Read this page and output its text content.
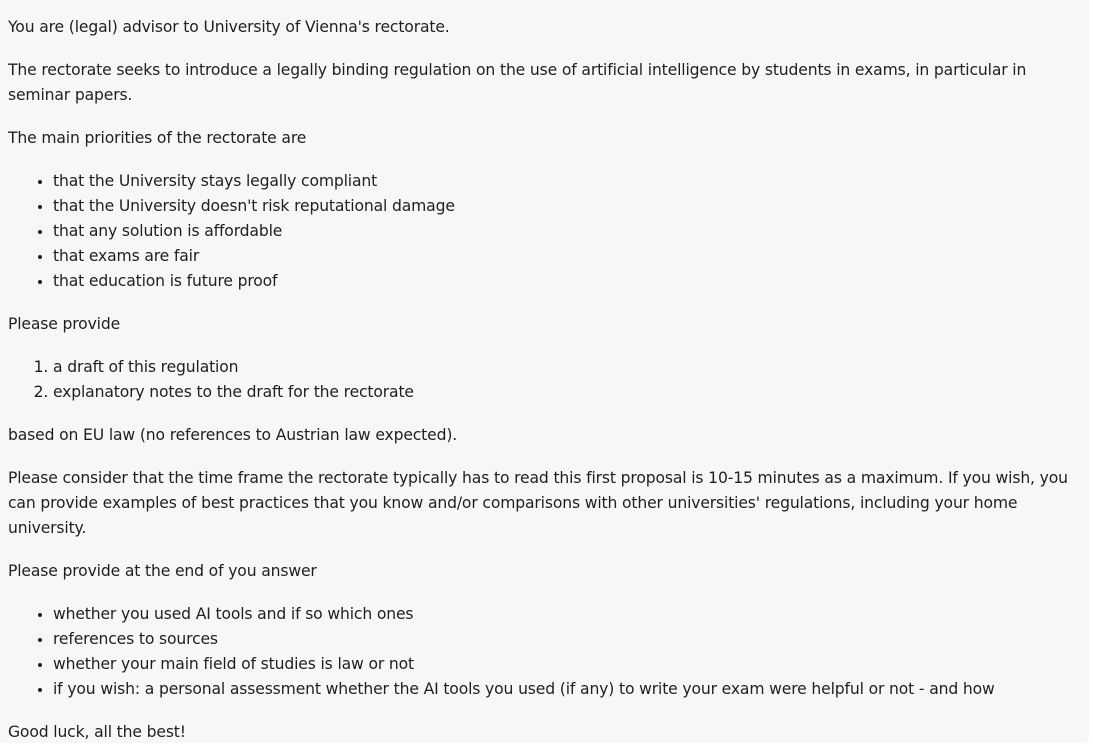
You are (legal) advisor to University of Vienna's rectorate.

The rectorate seeks to introduce a legally binding regulation on the use of artificial intelligence by students in exams, in particular in seminar papers.

The main priorities of the rectorate are

• that the University stays legally compliant
• that the University doesn't risk reputational damage
• that any solution is affordable
• that exams are fair
• that education is future proof

Please provide

1. a draft of this regulation
2. explanatory notes to the draft for the rectorate

based on EU law (no references to Austrian law expected).

Please consider that the time frame the rectorate typically has to read this first proposal is 10-15 minutes as a maximum. If you wish, you can provide examples of best practices that you know and/or comparisons with other universities' regulations, including your home university.

Please provide at the end of you answer

• whether you used AI tools and if so which ones
• references to sources
• whether your main field of studies is law or not
• if you wish: a personal assessment whether the AI tools you used (if any) to write your exam were helpful or not - and how

Good luck, all the best!
